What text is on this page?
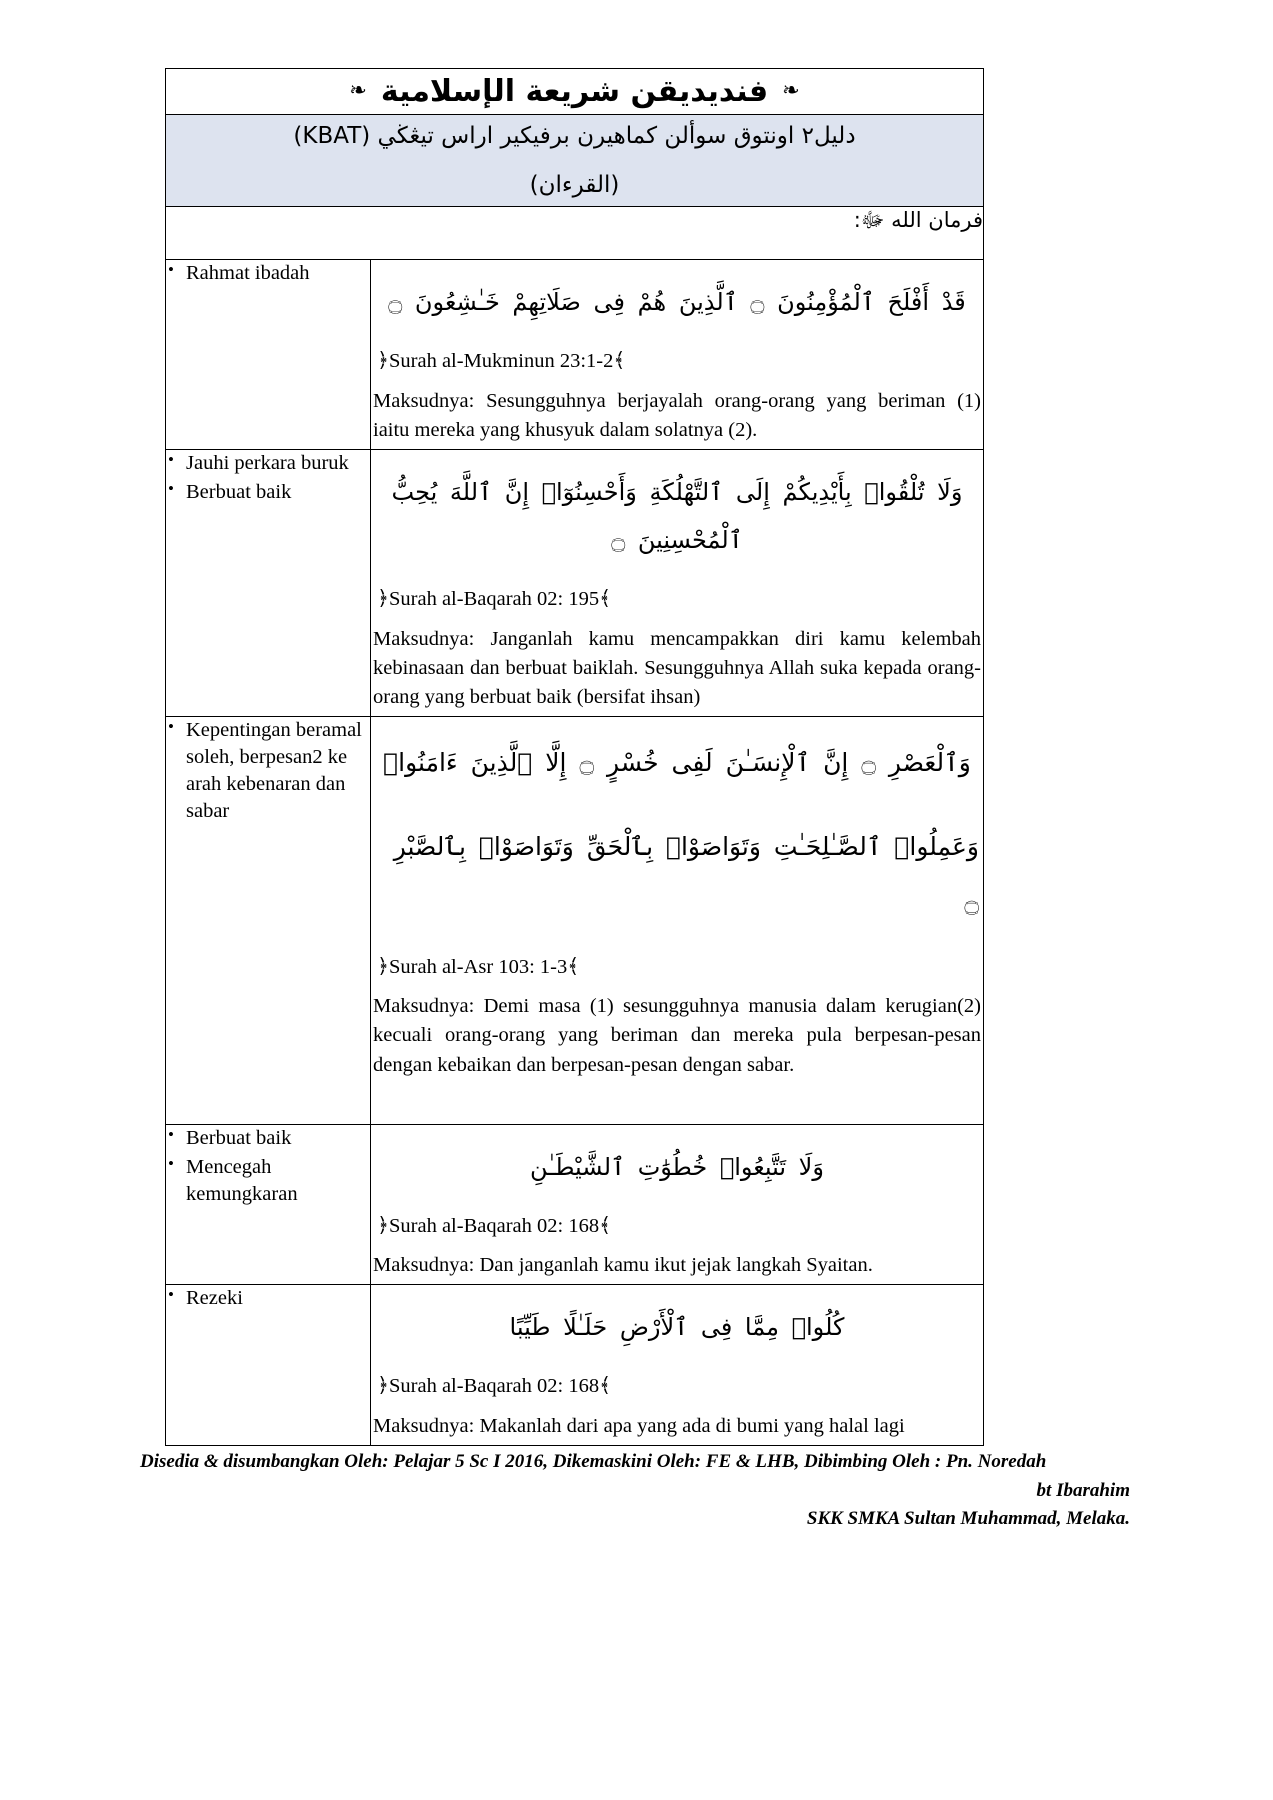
❧فنديديقن شريعة الإسلامية❧	

دليل٢ اونتوق سوألن کماهيرن برفيکير اراس تيڠڬي (KBAT)
(القرءان)	

فرمان الله ﷻ:	

• Rahmat ibadah

قَدْ أَفْلَحَ ٱلْمُؤْمِنُونَ ۝ ٱلَّذِينَ هُمْ فِى صَلَاتِهِمْ خَـٰشِعُونَ ۝
﴿Surah al-Mukminun 23:1-2﴾
Maksudnya: Sesungguhnya berjayalah orang-orang yang beriman (1) iaitu mereka yang khusyuk dalam solatnya (2).

• Jauhi perkara buruk
• Berbuat baik	وَلَا تُلْقُوا۟ بِأَيْدِيكُمْ إِلَى ٱلتَّهْلُكَةِ وَأَحْسِنُوٓا۟ إِنَّ ٱللَّهَ يُحِبُّ ٱلْمُحْسِنِينَ ۝
﴿Surah al-Baqarah 02: 195﴾
Maksudnya: Janganlah kamu mencampakkan diri kamu kelembah kebinasaan dan berbuat baiklah. Sesungguhnya Allah suka kepada orang-orang yang berbuat baik (bersifat ihsan)

• Kepentingan beramal soleh, berpesan2 ke arah kebenaran dan sabar

وَٱلْعَصْرِ ۝ إِنَّ ٱلْإِنسَـٰنَ لَفِى خُسْرٍ ۝ إِلَّا ٱلَّذِينَ ءَامَنُوا۟
وَعَمِلُوا۟ ٱلصَّـٰلِحَـٰتِ وَتَوَاصَوْا۟ بِٱلْحَقِّ وَتَوَاصَوْا۟ بِٱلصَّبْرِ ۝
﴿Surah al-Asr 103: 1-3﴾
Maksudnya: Demi masa (1) sesungguhnya manusia dalam kerugian(2) kecuali orang-orang yang beriman dan mereka pula berpesan-pesan dengan kebaikan dan berpesan-pesan dengan sabar.

• Berbuat baik
• Mencegah kemungkaran

وَلَا تَتَّبِعُوا۟ خُطُوَٰتِ ٱلشَّيْطَـٰنِ
﴿Surah al-Baqarah 02: 168﴾
Maksudnya: Dan janganlah kamu ikut jejak langkah Syaitan.

• Rezeki

كُلُوا۟ مِمَّا فِى ٱلْأَرْضِ حَلَـٰلًا طَيِّبًا
﴿Surah al-Baqarah 02: 168﴾
Maksudnya: Makanlah dari apa yang ada di bumi yang halal lagi
Disedia & disumbangkan Oleh: Pelajar 5 Sc I 2016, Dikemaskini Oleh: FE & LHB, Dibimbing Oleh : Pn. Noredah
bt Ibarahim
SKK SMKA Sultan Muhammad, Melaka.
